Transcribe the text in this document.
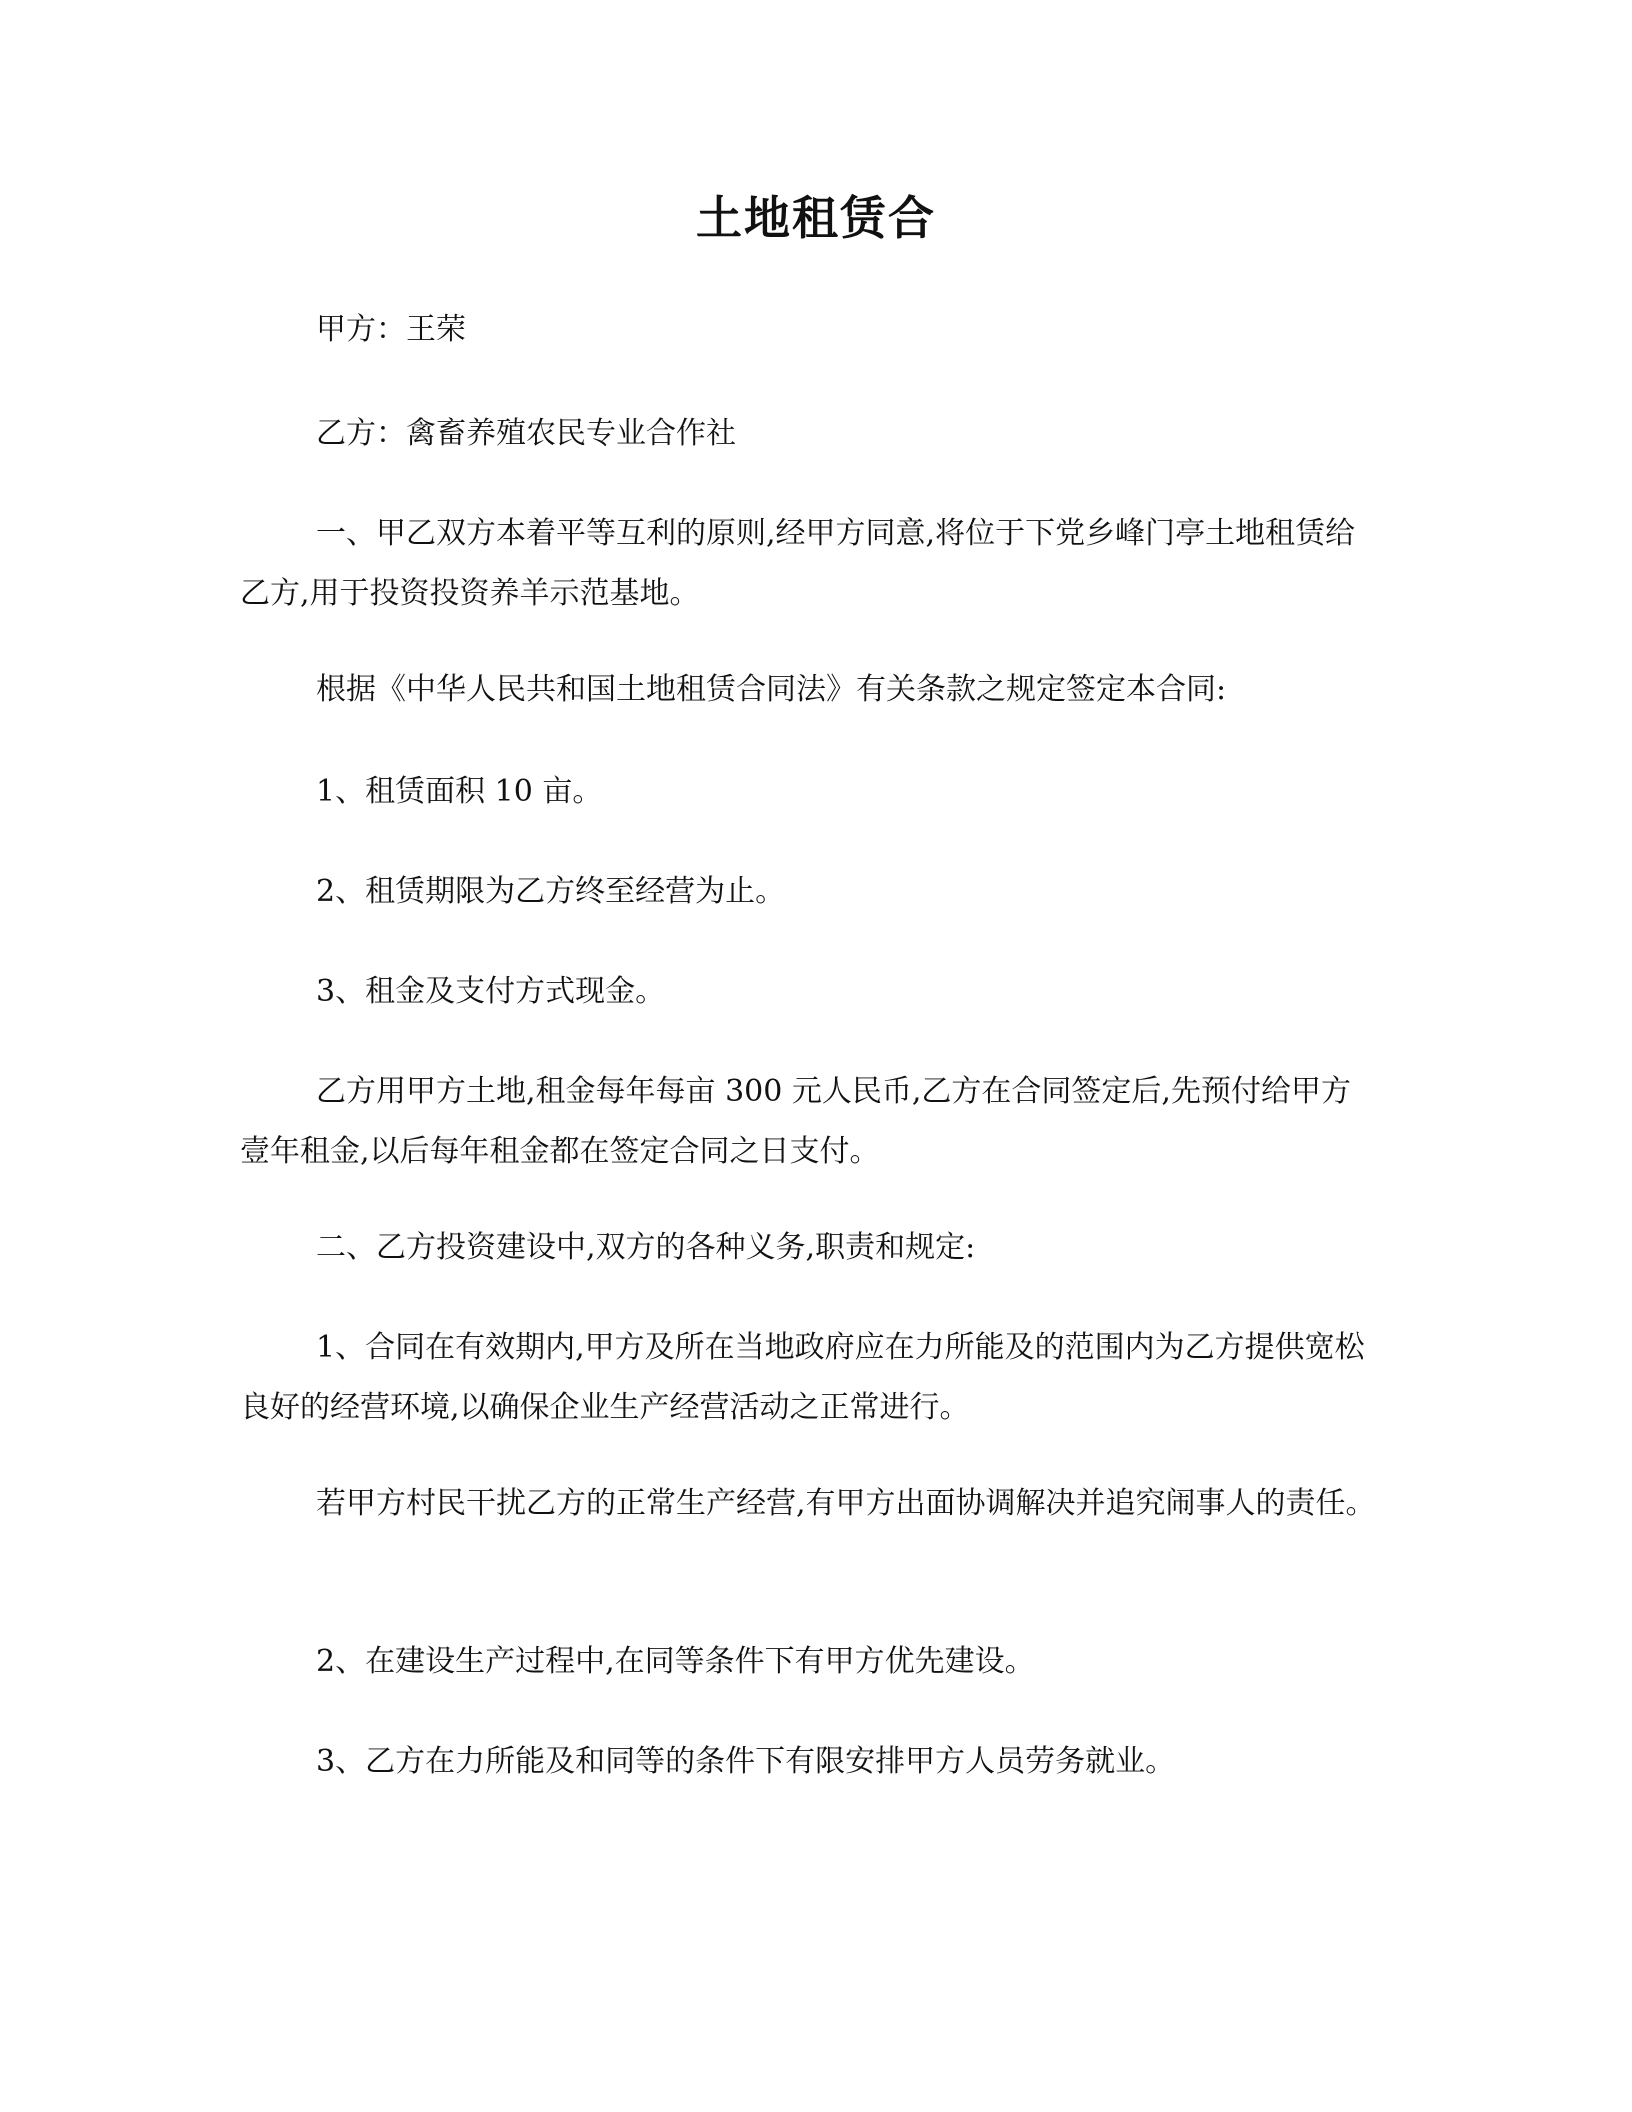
土地租赁合

甲方：王荣

乙方：禽畜养殖农民专业合作社

一、甲乙双方本着平等互利的原则,经甲方同意,将位于下党乡峰门亭土地租赁给乙方,用于投资投资养羊示范基地。

根据《中华人民共和国土地租赁合同法》有关条款之规定签定本合同:

1、租赁面积 10 亩。

2、租赁期限为乙方终至经营为止。

3、租金及支付方式现金。

乙方用甲方土地,租金每年每亩 300 元人民币,乙方在合同签定后,先预付给甲方壹年租金,以后每年租金都在签定合同之日支付。

二、乙方投资建设中,双方的各种义务,职责和规定:

1、合同在有效期内,甲方及所在当地政府应在力所能及的范围内为乙方提供宽松良好的经营环境,以确保企业生产经营活动之正常进行。

若甲方村民干扰乙方的正常生产经营,有甲方出面协调解决并追究闹事人的责任。

2、在建设生产过程中,在同等条件下有甲方优先建设。

3、乙方在力所能及和同等的条件下有限安排甲方人员劳务就业。
